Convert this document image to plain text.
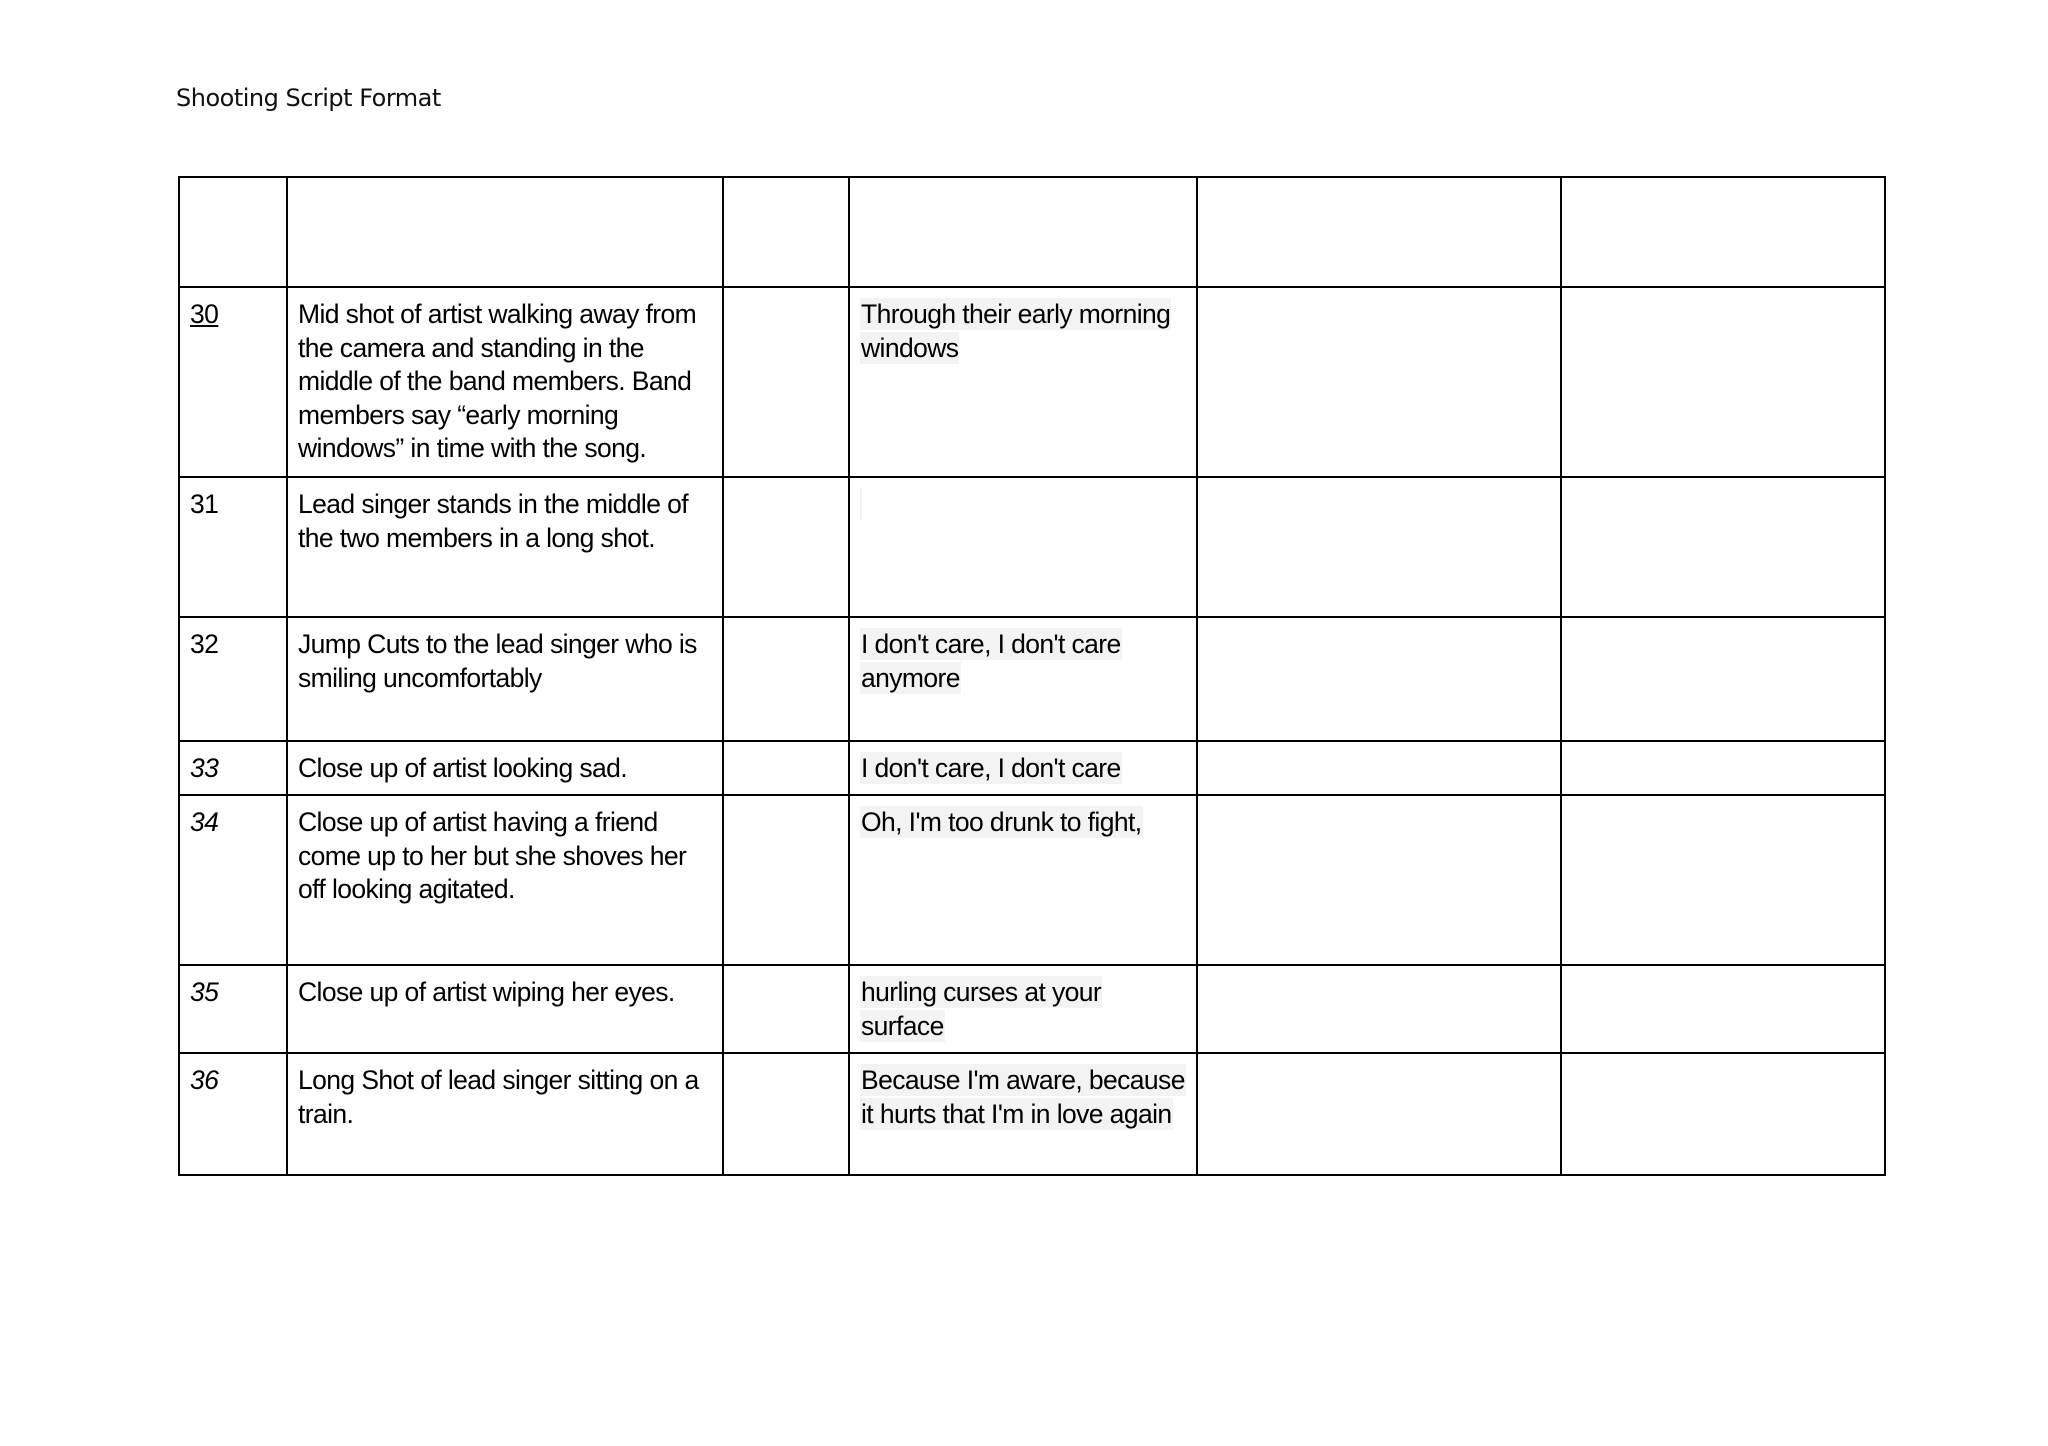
Shooting Script Format

30	Mid shot of artist walking away from the camera and standing in the middle of the band members. Band members say “early morning windows” in time with the song.		Through their early morning windows		
31	Lead singer stands in the middle of the two members in a long shot.				
32	Jump Cuts to the lead singer who is smiling uncomfortably		I don't care, I don't care anymore		
33	Close up of artist looking sad.		I don't care, I don't care		
34	Close up of artist having a friend come up to her but she shoves her off looking agitated.		Oh, I'm too drunk to fight,		
35	Close up of artist wiping her eyes.		hurling curses at your surface		
36	Long Shot of lead singer sitting on a train.		Because I'm aware, because it hurts that I'm in love again		
